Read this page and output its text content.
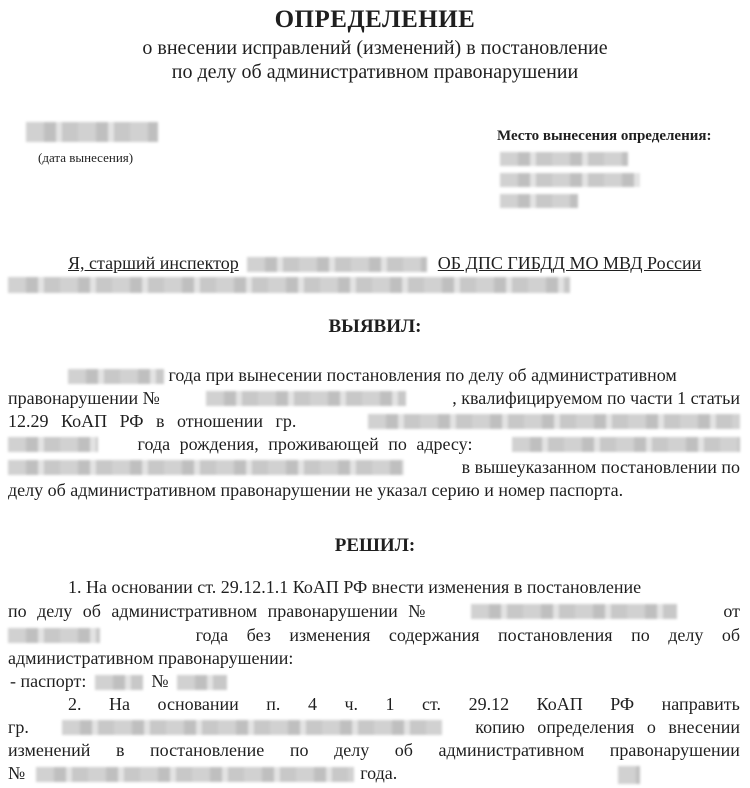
ОПРЕДЕЛЕНИЕ
о внесении исправлений (изменений) в постановление
по делу об административном правонарушении
(дата вынесения)
Место вынесения определения:
Я, старший инспектор	ОБ ДПС ГИБДД МО МВД России
ВЫЯВИЛ:
года при вынесении постановления по делу об административном
правонарушении №	, квалифицируемом по части 1 статьи
12.29 КоАП РФ в отношении гр.
года рождения, проживающей по адресу:
в вышеуказанном постановлении по
делу об административном правонарушении не указал серию и номер паспорта.
РЕШИЛ:
1. На основании ст. 29.12.1.1 КоАП РФ внести изменения в постановление
по делу об административном правонарушении №	от
года без изменения содержания постановления по делу об
административном правонарушении:
- паспорт:	№
2. На основании п. 4 ч. 1 ст. 29.12 КоАП РФ направить
гр.	копию определения о внесении
изменений в постановление по делу об административном правонарушении
№	года.
